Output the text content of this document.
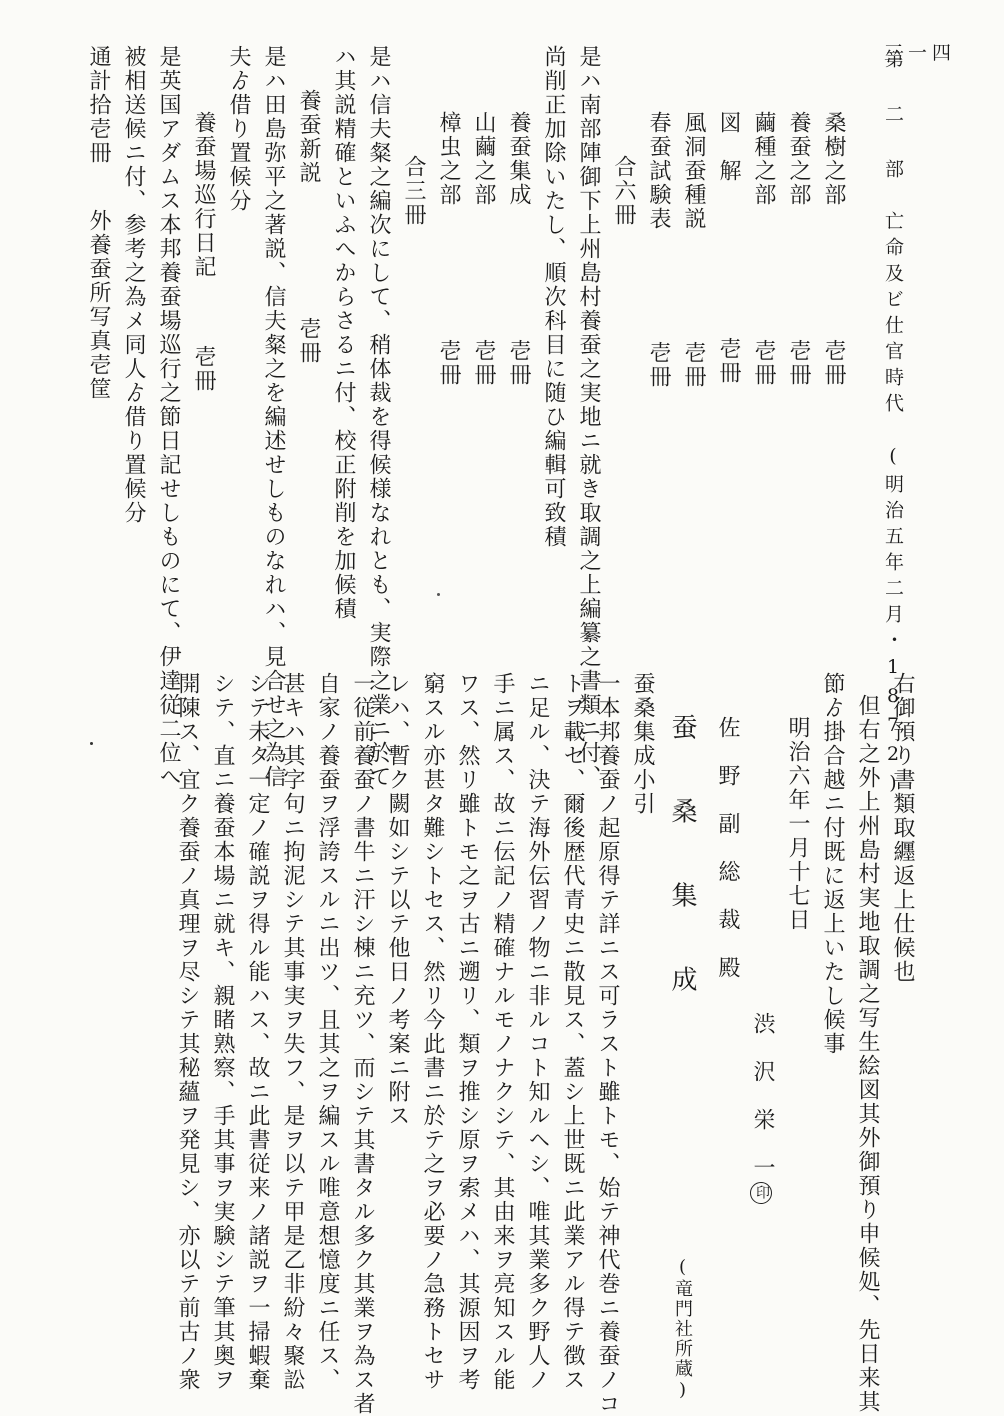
三一四
第 二 部　亡命及ビ仕官時代　(明治五年二月・1872)
桑樹之部壱冊
養蚕之部壱冊
繭種之部壱冊
図　解壱冊
風洞蚕種説壱冊
春蚕試験表壱冊
合六冊
是ハ南部陣御下上州島村養蚕之実地ニ就き取調之上編纂之書類ニ付、
尚削正加除いたし、順次科目に随ひ編輯可致積
養蚕集成壱冊
山繭之部壱冊
樟虫之部壱冊
合三冊
是ハ信夫粲之編次にして、稍体裁を得候様なれとも、実際之業ニ於て
ハ其説精確といふへからさるニ付、校正附削を加候積
養蚕新説壱冊
是ハ田島弥平之著説、信夫粲之を編述せしものなれハ、見合せ之為信
夫ゟ借り置候分
養蚕場巡行日記壱冊
是英国アダムス本邦養蚕場巡行之節日記せしものにて、伊達従二位へ
被相送候ニ付、参考之為メ同人ゟ借り置候分
通計拾壱冊外養蚕所写真壱筐
右御預り書類取纒返上仕候也
但右之外上州島村実地取調之写生絵図其外御預り申候処、先日来其
節ゟ掛合越ニ付既に返上いたし候事
明治六年一月十七日
渋　沢　栄　一印
佐　野　副　総　裁　殿
蚕 桑 集 成(竜門社所蔵)
蚕桑集成小引
一本邦養蚕ノ起原得テ詳ニス可ラスト雖トモ、始テ神代巻ニ養蚕ノコ
トヲ載セ、爾後歴代青史ニ散見ス、蓋シ上世既ニ此業アル得テ徴ス
ニ足ル、決テ海外伝習ノ物ニ非ルコト知ルヘシ、唯其業多ク野人ノ
手ニ属ス、故ニ伝記ノ精確ナルモノナクシテ、其由来ヲ亮知スル能
ワス、然リ雖トモ之ヲ古ニ遡リ、類ヲ推シ原ヲ索メハ、其源因ヲ考
窮スル亦甚タ難シトセス、然リ今此書ニ於テ之ヲ必要ノ急務トセサ
レハ、暫ク闕如シテ以テ他日ノ考案ニ附ス
一従前養蚕ノ書牛ニ汗シ棟ニ充ツ、而シテ其書タル多ク其業ヲ為ス者
自家ノ養蚕ヲ浮誇スルニ出ツ、且其之ヲ編スル唯意想憶度ニ任ス、
甚キハ其字句ニ拘泥シテ其事実ヲ失フ、是ヲ以テ甲是乙非紛々聚訟
シテ未タ一定ノ確説ヲ得ル能ハス、故ニ此書従来ノ諸説ヲ一掃蝦棄
シテ、直ニ養蚕本場ニ就キ、親睹熟察、手其事ヲ実験シテ筆其奥ヲ
開陳ス、宜ク養蚕ノ真理ヲ尽シテ其秘蘊ヲ発見シ、亦以テ前古ノ衆
